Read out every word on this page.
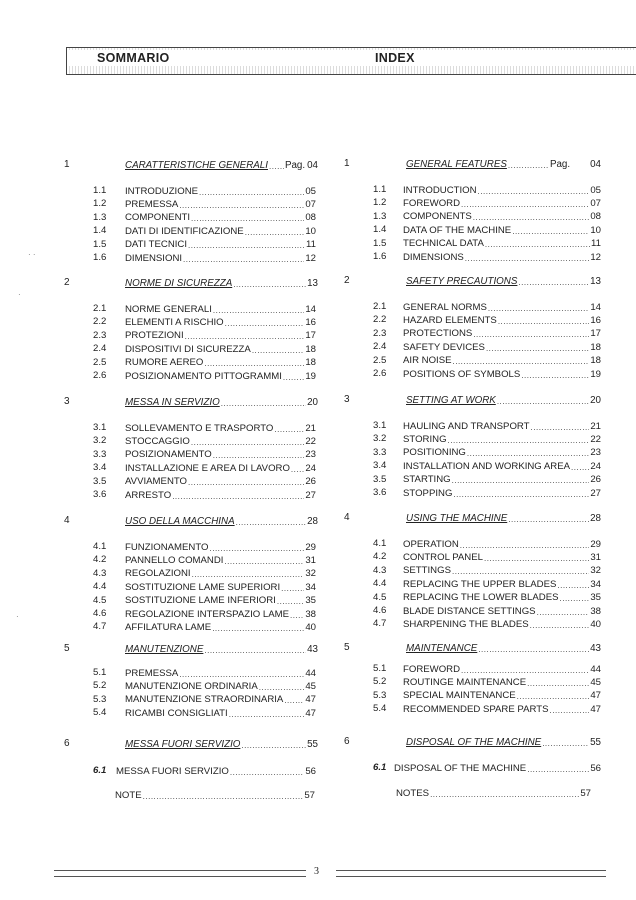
SOMMARIO	INDEX
1	CARATTERISTICHE GENERALI ..... Pag. 04
1.1 INTRODUZIONE .....	05
1.2 PREMESSA .....	07
1.3 COMPONENTI .....	08
1.4 DATI DI IDENTIFICAZIONE .....	10
1.5 DATI TECNICI .....	11
1.6 DIMENSIONI .....	12
2	NORME DI SICUREZZA .....	13
2.1 NORME GENERALI .....	14
2.2 ELEMENTI A RISCHIO .....	16
2.3 PROTEZIONI .....	17
2.4 DISPOSITIVI DI SICUREZZA .....	18
2.5 RUMORE AEREO .....	18
2.6 POSIZIONAMENTO PITTOGRAMMI ..... 19
3	MESSA IN SERVIZIO .....	20
3.1 SOLLEVAMENTO E TRASPORTO .....	21
3.2 STOCCAGGIO .....	22
3.3 POSIZIONAMENTO .....	23
3.4 INSTALLAZIONE E AREA DI LAVORO ..... 24
3.5 AVVIAMENTO .....	26
3.6 ARRESTO .....	27
4	USO DELLA MACCHINA .....	28
4.1 FUNZIONAMENTO .....	29
4.2 PANNELLO COMANDI .....	31
4.3 REGOLAZIONI .....	32
4.4 SOSTITUZIONE LAME SUPERIORI .....	34
4.5 SOSTITUZIONE LAME INFERIORI .....	35
4.6 REGOLAZIONE INTERSPAZIO LAME ..... 38
4.7 AFFILATURA LAME .....	40
5	MANUTENZIONE .....	43
5.1 PREMESSA .....	44
5.2 MANUTENZIONE ORDINARIA .....	45
5.3 MANUTENZIONE STRAORDINARIA ..... 47
5.4 RICAMBI CONSIGLIATI .....	47
6	MESSA FUORI SERVIZIO .....	55
6.1 MESSA FUORI SERVIZIO .....	56
NOTE .....	57
1	GENERAL FEATURES .....	Pag. 04
1.1 INTRODUCTION .....	05
1.2 FOREWORD .....	07
1.3 COMPONENTS .....	08
1.4 DATA OF THE MACHINE .....	10
1.5 TECHNICAL DATA .....	11
1.6 DIMENSIONS .....	12
2	SAFETY PRECAUTIONS .....	13
2.1 GENERAL NORMS .....	14
2.2 HAZARD ELEMENTS .....	16
2.3 PROTECTIONS .....	17
2.4 SAFETY DEVICES .....	18
2.5 AIR NOISE .....	18
2.6 POSITIONS OF SYMBOLS .....	19
3	SETTING AT WORK .....	20
3.1 HAULING AND TRANSPORT .....	21
3.2 STORING .....	22
3.3 POSITIONING .....	23
3.4 INSTALLATION AND WORKING AREA ..... 24
3.5 STARTING .....	26
3.6 STOPPING .....	27
4	USING THE MACHINE .....	28
4.1 OPERATION .....	29
4.2 CONTROL PANEL .....	31
4.3 SETTINGS .....	32
4.4 REPLACING THE UPPER BLADES .....	34
4.5 REPLACING THE LOWER BLADES .....	35
4.6 BLADE DISTANCE SETTINGS .....	38
4.7 SHARPENING THE BLADES .....	40
5	MAINTENANCE .....	43
5.1 FOREWORD .....	44
5.2 ROUTINGE MAINTENANCE .....	45
5.3 SPECIAL MAINTENANCE .....	47
5.4 RECOMMENDED SPARE PARTS .....	47
6	DISPOSAL OF THE MACHINE .....	55
6.1 DISPOSAL OF THE MACHINE .....	56
NOTES .....	57
3
· ·
·
·
